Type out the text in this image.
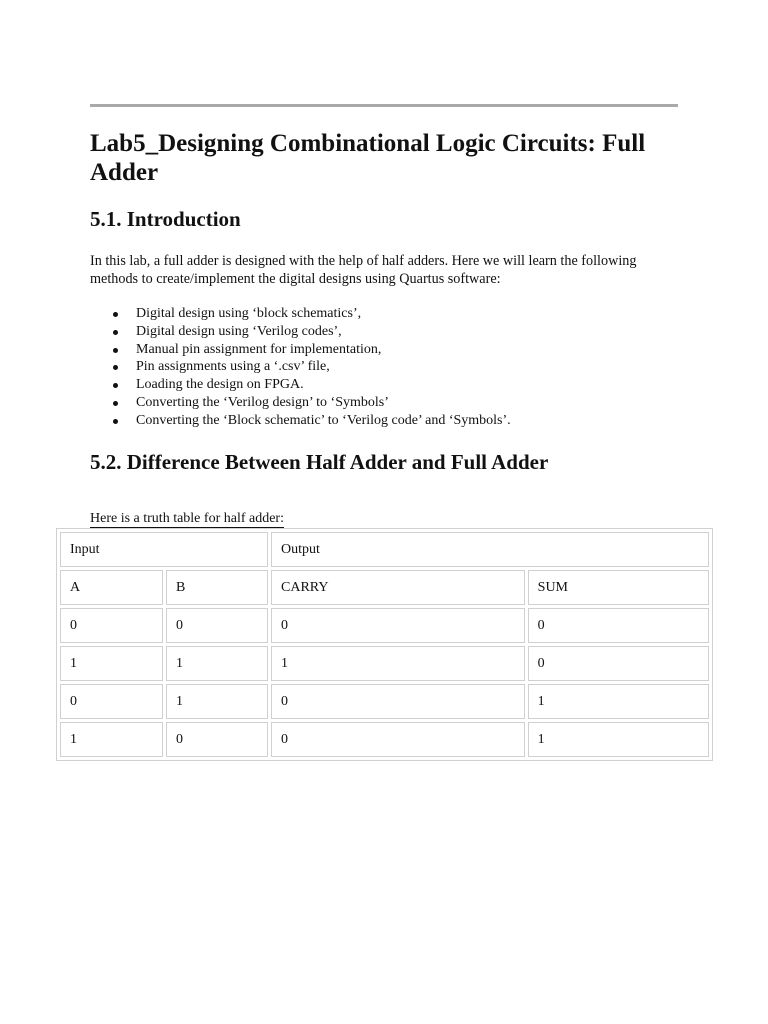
Lab5_Designing Combinational Logic Circuits: Full Adder
5.1. Introduction

In this lab, a full adder is designed with the help of half adders. Here we will learn the following
methods to create/implement the digital designs using Quartus software:

Digital design using ‘block schematics’,
Digital design using ‘Verilog codes’,
Manual pin assignment for implementation,
Pin assignments using a ‘.csv’ file,
Loading the design on FPGA.
Converting the ‘Verilog design’ to ‘Symbols’
Converting the ‘Block schematic’ to ‘Verilog code’ and ‘Symbols’.
5.2. Difference Between Half Adder and Full Adder

Here is a truth table for half adder:

Input		Output	
A	B	CARRY	SUM
0	0	0	0
1	1	1	0
0	1	0	1
1	0	0	1
